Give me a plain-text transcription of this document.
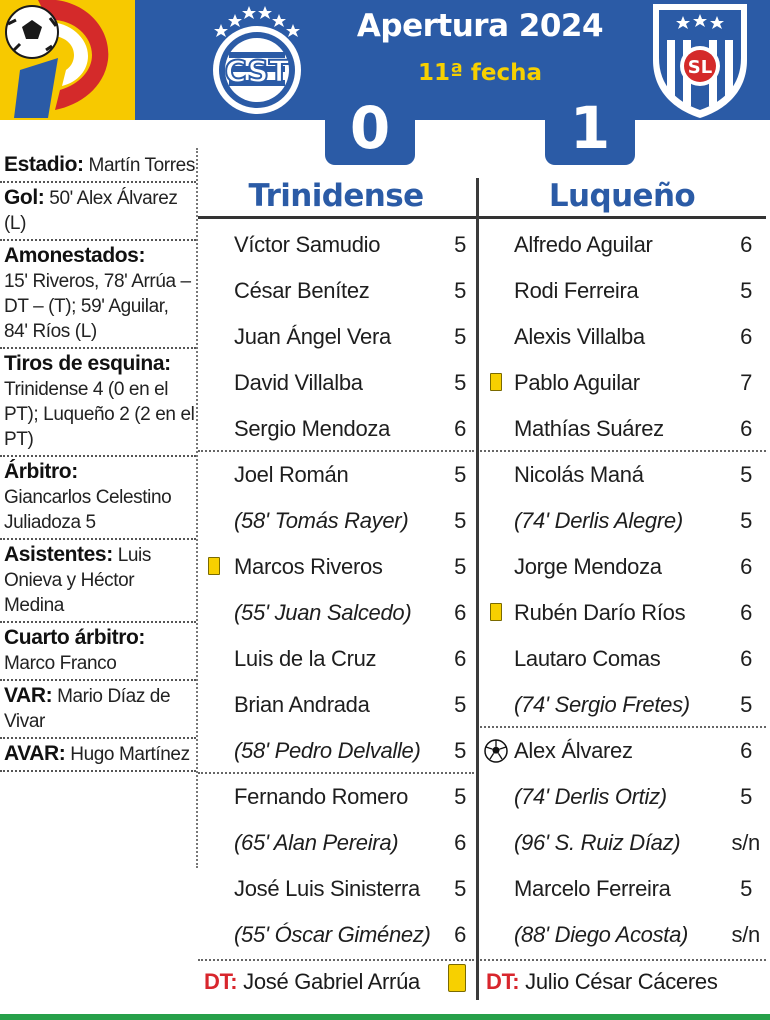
CST
Apertura 2024
11ª fecha	SL
0	1
Estadio: Martín Torres
Gol: 50' Alex Álvarez (L)
Amonestados:
15' Riveros, 78' Arrúa – DT – (T); 59' Aguilar, 84' Ríos (L)
Tiros de esquina:
Trinidense 4 (0 en el PT); Luqueño 2 (2 en el PT)
Árbitro:
Giancarlos Celestino Juliadoza 5
Asistentes: Luis Onieva y Héctor Medina
Cuarto árbitro:
Marco Franco
VAR: Mario Díaz de Vivar
AVAR: Hugo Martínez
Trinidense	Luqueño
Víctor Samudio	5
César Benítez	5
Juan Ángel Vera	5
David Villalba	5
Sergio Mendoza	6
Joel Román	5
(58' Tomás Rayer) 5
Marcos Riveros	5
(55' Juan Salcedo) 6
Luis de la Cruz	6
Brian Andrada	5
(58' Pedro Delvalle) 5
Fernando Romero 5
(65' Alan Pereira)	6
José Luis Sinisterra 5
(55' Óscar Giménez) 6
Alfredo Aguilar	6
Rodi Ferreira	5
Alexis Villalba	6
Pablo Aguilar	7
Mathías Suárez	6
Nicolás Maná	5
(74' Derlis Alegre)	5
Jorge Mendoza	6
Rubén Darío Ríos 6
Lautaro Comas	6
(74' Sergio Fretes) 5
Alex Álvarez	6
(74' Derlis Ortiz)	5
(96' S. Ruiz Díaz) s/n
Marcelo Ferreira	5
(88' Diego Acosta) s/n
DT: José Gabriel Arrúa	DT: Julio César Cáceres
